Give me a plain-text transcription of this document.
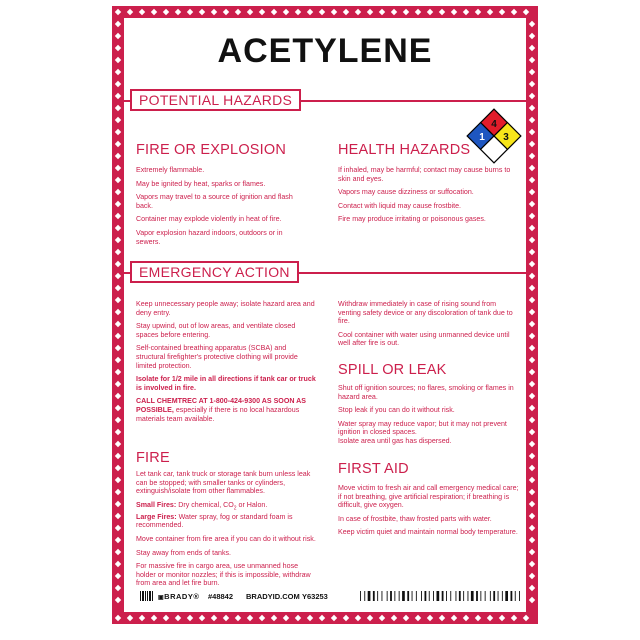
ACETYLENE
POTENTIAL HAZARDS
4
1 3
FIRE OR EXPLOSION

Extremely flammable.

May be ignited by heat, sparks or flames.

Vapors may travel to a source of ignition and flash back.

Container may explode violently in heat of fire.

Vapor explosion hazard indoors, outdoors or in sewers.

HEALTH HAZARDS

If inhaled, may be harmful; contact may cause burns to skin and eyes.

Vapors may cause dizziness or suffocation.

Contact with liquid may cause frostbite.

Fire may produce irritating or poisonous gases.

EMERGENCY ACTION

Keep unnecessary people away; isolate hazard area and deny entry.

Stay upwind, out of low areas, and ventilate closed spaces before entering.

Self-contained breathing apparatus (SCBA) and structural firefighter's protective clothing will provide limited protection.

Isolate for 1/2 mile in all directions if tank car or truck is involved in fire.

CALL CHEMTREC AT 1-800-424-9300 AS SOON AS POSSIBLE, especially if there is no local hazardous materials team available.

FIRE

Let tank car, tank truck or storage tank burn unless leak can be stopped; with smaller tanks or cylinders, extinguish/isolate from other flammables.

Small Fires: Dry chemical, $CO_2$ or Halon.
Large Fires: Water spray, fog or standard foam is recommended.

Move container from fire area if you can do it without risk.

Stay away from ends of tanks.

For massive fire in cargo area, use unmanned hose holder or monitor nozzles; if this is impossible, withdraw from area and let fire burn.

Withdraw immediately in case of rising sound from venting safety device or any discoloration of tank due to fire.

Cool container with water using unmanned device until well after fire is out.

SPILL OR LEAK

Shut off ignition sources; no flares, smoking or flames in hazard area.

Stop leak if you can do it without risk.

Water spray may reduce vapor; but it may not prevent ignition in closed spaces.

Isolate area until gas has dispersed.

FIRST AID

Move victim to fresh air and call emergency medical care; if not breathing, give artificial respiration; if breathing is difficult, give oxygen.

In case of frostbite, thaw frosted parts with water.

Keep victim quiet and maintain normal body temperature.

▣BRADY® #48842 BRADYID.COM Y63253
